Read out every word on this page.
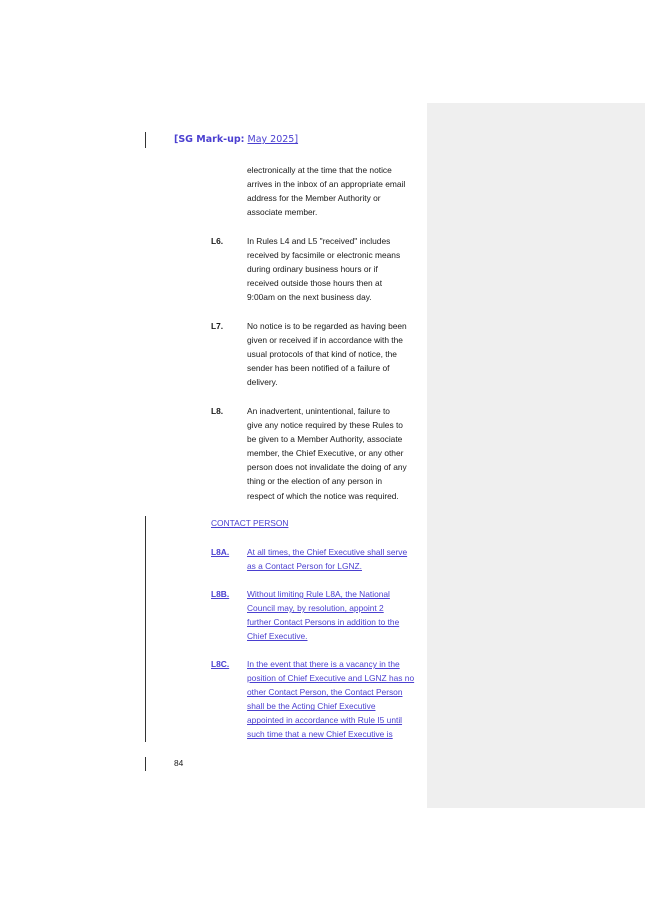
[SG Mark-up: May 2025]
electronically at the time that the notice
arrives in the inbox of an appropriate email
address for the Member Authority or
associate member.
L6.	In Rules L4 and L5 "received" includes
received by facsimile or electronic means
during ordinary business hours or if
received outside those hours then at
9:00am on the next business day.
L7.	No notice is to be regarded as having been
given or received if in accordance with the
usual protocols of that kind of notice, the
sender has been notified of a failure of
delivery.
L8.	An inadvertent, unintentional, failure to
give any notice required by these Rules to
be given to a Member Authority, associate
member, the Chief Executive, or any other
person does not invalidate the doing of any
thing or the election of any person in
respect of which the notice was required.
CONTACT PERSON
L8A. At all times, the Chief Executive shall serve
as a Contact Person for LGNZ.
L8B. Without limiting Rule L8A, the National
Council may, by resolution, appoint 2
further Contact Persons in addition to the
Chief Executive.
L8C. In the event that there is a vacancy in the
position of Chief Executive and LGNZ has no
other Contact Person, the Contact Person
shall be the Acting Chief Executive
appointed in accordance with Rule I5 until
such time that a new Chief Executive is
84
